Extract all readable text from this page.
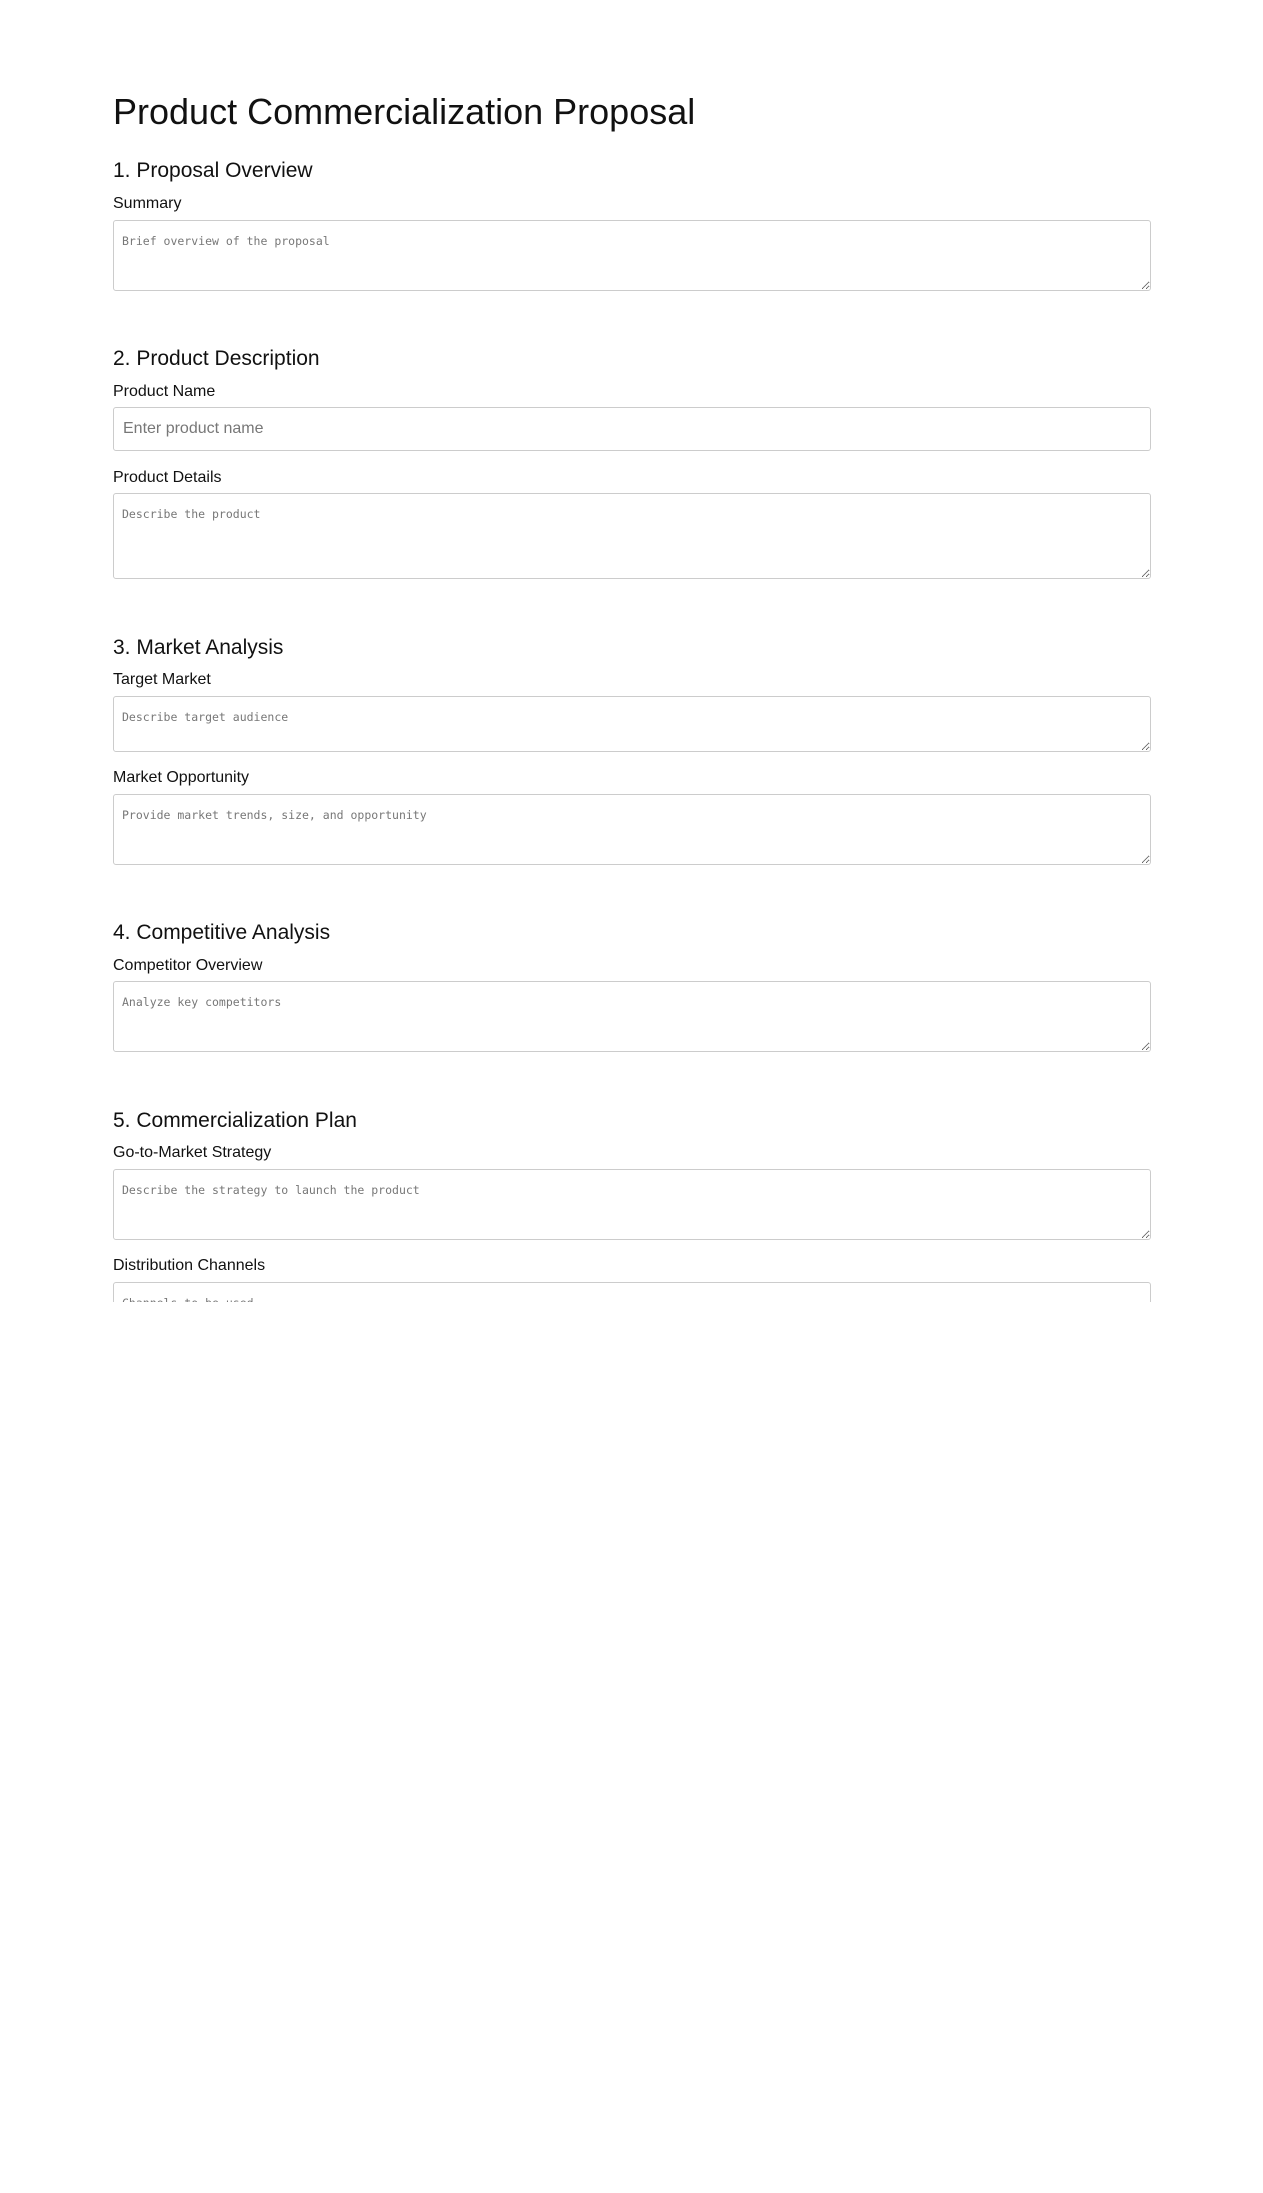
Product Commercialization Proposal
1. Proposal Overview
Summary
Brief overview of the proposal
2. Product Description
Product Name
Enter product name
Product Details
Describe the product
3. Market Analysis
Target Market
Describe target audience
Market Opportunity
Provide market trends, size, and opportunity
4. Competitive Analysis
Competitor Overview
Analyze key competitors
5. Commercialization Plan
Go-to-Market Strategy
Describe the strategy to launch the product
Distribution Channels
Channels to be used
